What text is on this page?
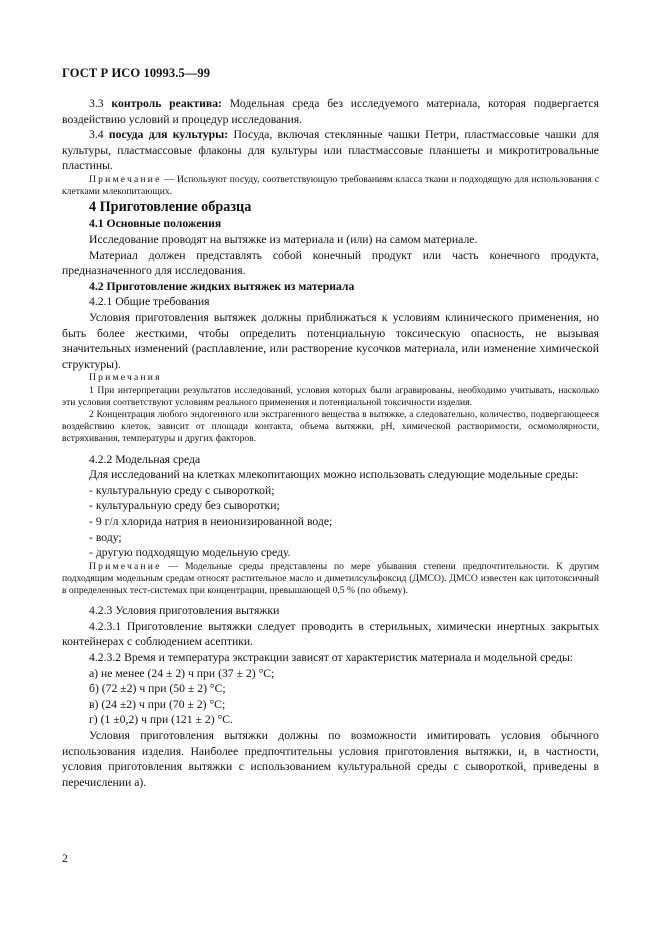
ГОСТ Р ИСО 10993.5—99

3.3 контроль реактива: Модельная среда без исследуемого материала, которая подвергается воздействию условий и процедур исследования.

3.4 посуда для культуры: Посуда, включая стеклянные чашки Петри, пластмассовые чашки для культуры, пластмассовые флаконы для культуры или пластмассовые планшеты и микротитровальные пластины.

Примечание — Используют посуду, соответствующую требованиям класса ткани и подходящую для использования с клетками млекопитающих.

4 Приготовление образца

4.1 Основные положения

Исследование проводят на вытяжке из материала и (или) на самом материале.

Материал должен представлять собой конечный продукт или часть конечного продукта, предназначенного для исследования.

4.2 Приготовление жидких вытяжек из материала

4.2.1 Общие требования

Условия приготовления вытяжек должны приближаться к условиям клинического применения, но быть более жесткими, чтобы определить потенциальную токсическую опасность, не вызывая значительных изменений (расплавление, или растворение кусочков материала, или изменение химической структуры).

Примечания

1 При интерпретации результатов исследований, условия которых были агравированы, необходимо учитывать, насколько эти условия соответствуют условиям реального применения и потенциальной токсичности изделия.

2 Концентрация любого эндогенного или экстрагенного вещества в вытяжке, а следовательно, количество, подвергающееся воздействию клеток, зависит от площади контакта, объема вытяжки, pH, химической растворимости, осмомолярности, встряхивания, температуры и других факторов.

4.2.2 Модельная среда

Для исследований на клетках млекопитающих можно использовать следующие модельные среды:

- культуральную среду с сывороткой;

- культуральную среду без сыворотки;

- 9 г/л хлорида натрия в неионизированной воде;

- воду;

- другую подходящую модельную среду.

Примечание — Модельные среды представлены по мере убывания степени предпочтительности. К другим подходящим модельным средам относят растительное масло и диметилсульфоксид (ДМСО). ДМСО известен как цитотоксичный в определенных тест-системах при концентрации, превышающей 0,5 % (по объему).

4.2.3 Условия приготовления вытяжки

4.2.3.1 Приготовление вытяжки следует проводить в стерильных, химически инертных закрытых контейнерах с соблюдением асептики.

4.2.3.2 Время и температура экстракции зависят от характеристик материала и модельной среды:

а) не менее (24 ± 2) ч при (37 ± 2) °С;

б) (72 ±2) ч при (50 ± 2) °С;

в) (24 ±2) ч при (70 ± 2) °С;

г) (1 ±0,2) ч при (121 ± 2) °С.

Условия приготовления вытяжки должны по возможности имитировать условия обычного использования изделия. Наиболее предпочтительны условия приготовления вытяжки, и, в частности, условия приготовления вытяжки с использованием культуральной среды с сывороткой, приведены в перечислении а).

2
